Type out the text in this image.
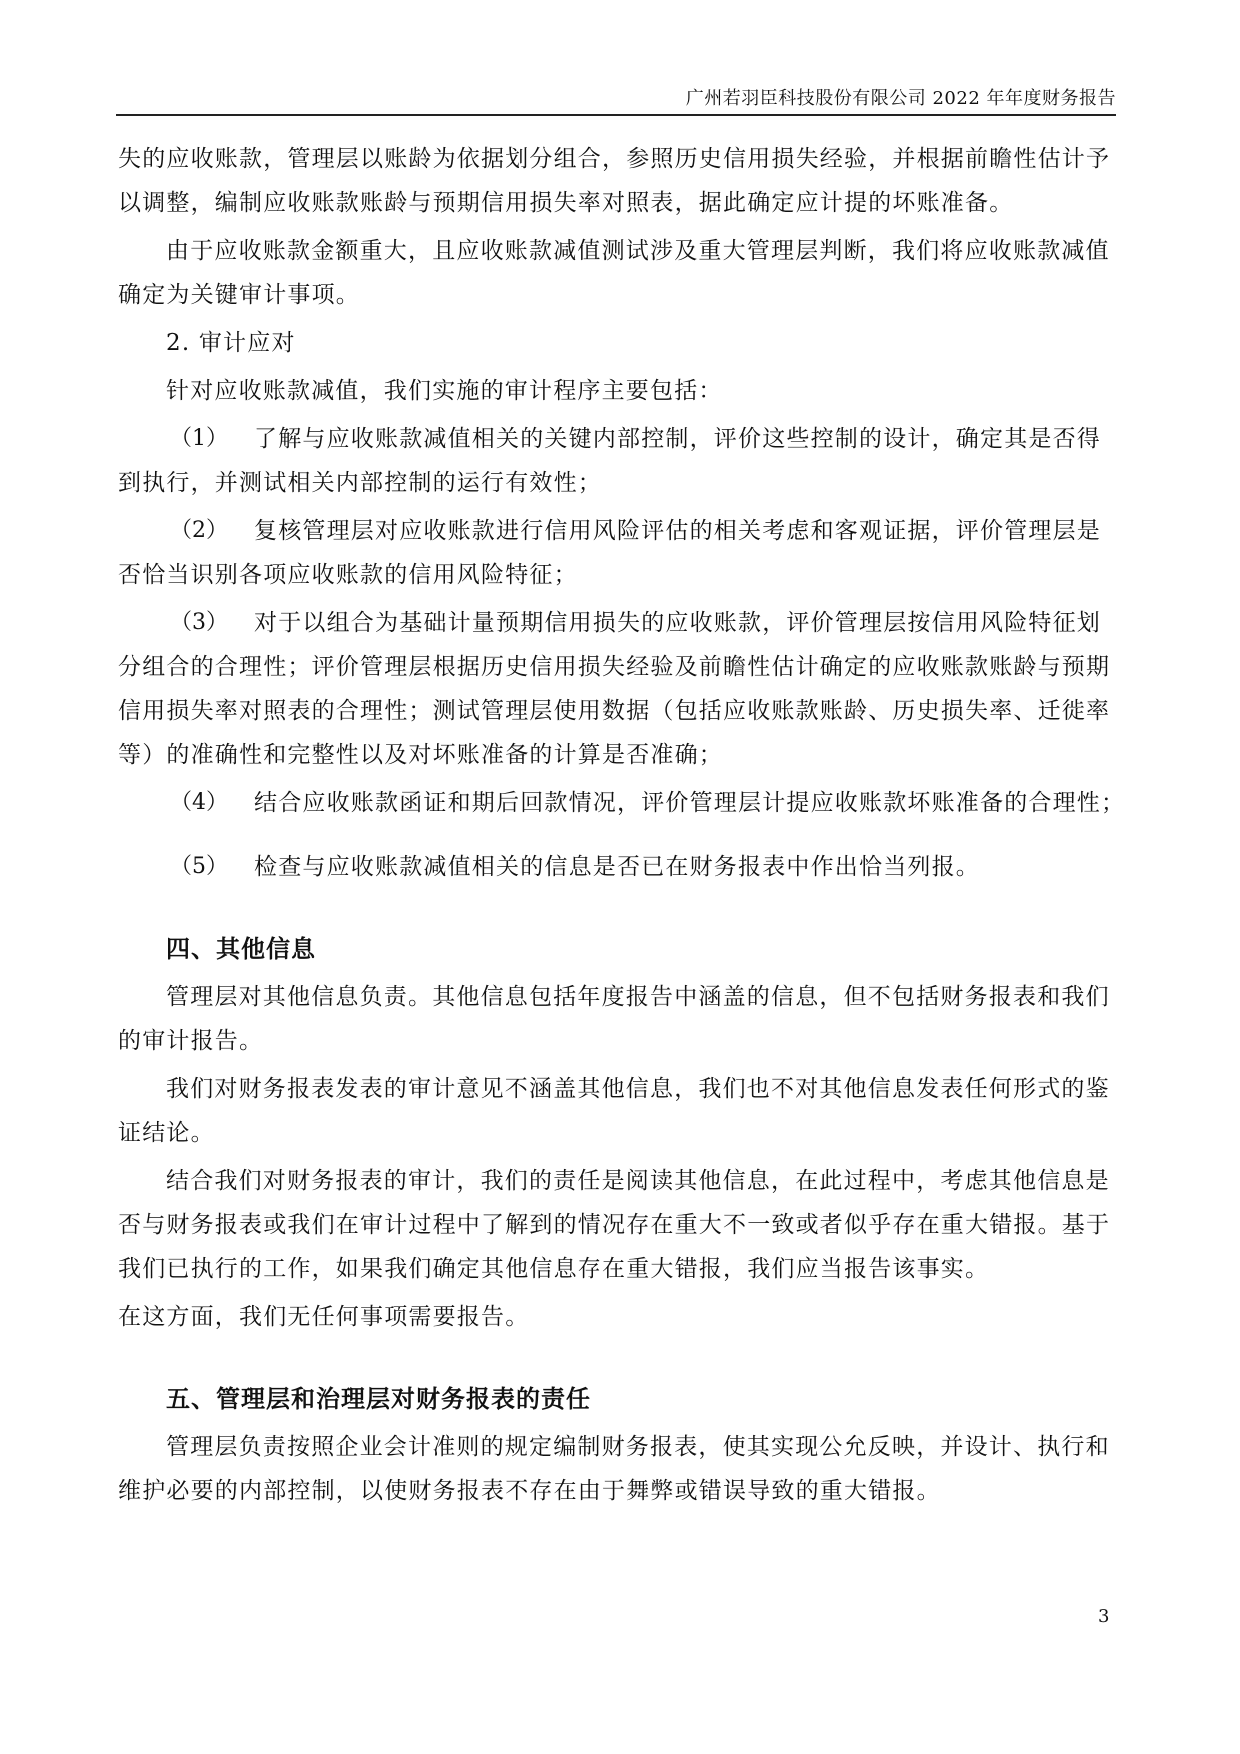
广州若羽臣科技股份有限公司 2022 年年度财务报告
失的应收账款，管理层以账龄为依据划分组合，参照历史信用损失经验，并根据前瞻性估计予
以调整，编制应收账款账龄与预期信用损失率对照表，据此确定应计提的坏账准备。
由于应收账款金额重大，且应收账款减值测试涉及重大管理层判断，我们将应收账款减值
确定为关键审计事项。
2. 审计应对
针对应收账款减值，我们实施的审计程序主要包括：
（1） 了解与应收账款减值相关的关键内部控制，评价这些控制的设计，确定其是否得
到执行，并测试相关内部控制的运行有效性；
（2） 复核管理层对应收账款进行信用风险评估的相关考虑和客观证据，评价管理层是
否恰当识别各项应收账款的信用风险特征；
（3） 对于以组合为基础计量预期信用损失的应收账款，评价管理层按信用风险特征划
分组合的合理性；评价管理层根据历史信用损失经验及前瞻性估计确定的应收账款账龄与预期
信用损失率对照表的合理性；测试管理层使用数据（包括应收账款账龄、历史损失率、迁徙率
等）的准确性和完整性以及对坏账准备的计算是否准确；
（4） 结合应收账款函证和期后回款情况，评价管理层计提应收账款坏账准备的合理性；
（5） 检查与应收账款减值相关的信息是否已在财务报表中作出恰当列报。
四、其他信息
管理层对其他信息负责。其他信息包括年度报告中涵盖的信息，但不包括财务报表和我们
的审计报告。
我们对财务报表发表的审计意见不涵盖其他信息，我们也不对其他信息发表任何形式的鉴
证结论。
结合我们对财务报表的审计，我们的责任是阅读其他信息，在此过程中，考虑其他信息是
否与财务报表或我们在审计过程中了解到的情况存在重大不一致或者似乎存在重大错报。基于
我们已执行的工作，如果我们确定其他信息存在重大错报，我们应当报告该事实。
在这方面，我们无任何事项需要报告。
五、管理层和治理层对财务报表的责任
管理层负责按照企业会计准则的规定编制财务报表，使其实现公允反映，并设计、执行和
维护必要的内部控制，以使财务报表不存在由于舞弊或错误导致的重大错报。
3
